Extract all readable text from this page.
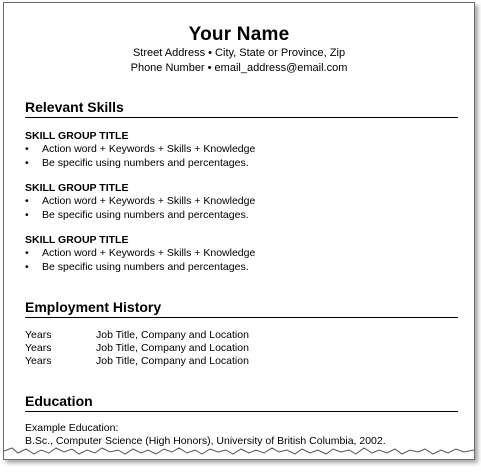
Your Name
Street Address • City, State or Province, Zip
Phone Number • email_address@email.com
Relevant Skills
SKILL GROUP TITLE
• Action word + Keywords + Skills + Knowledge
• Be specific using numbers and percentages.
SKILL GROUP TITLE
• Action word + Keywords + Skills + Knowledge
• Be specific using numbers and percentages.
SKILL GROUP TITLE
• Action word + Keywords + Skills + Knowledge
• Be specific using numbers and percentages.
Employment History
Years	Job Title, Company and Location
Years	Job Title, Company and Location
Years	Job Title, Company and Location
Education
Example Education:
B.Sc., Computer Science (High Honors), University of British Columbia, 2002.
